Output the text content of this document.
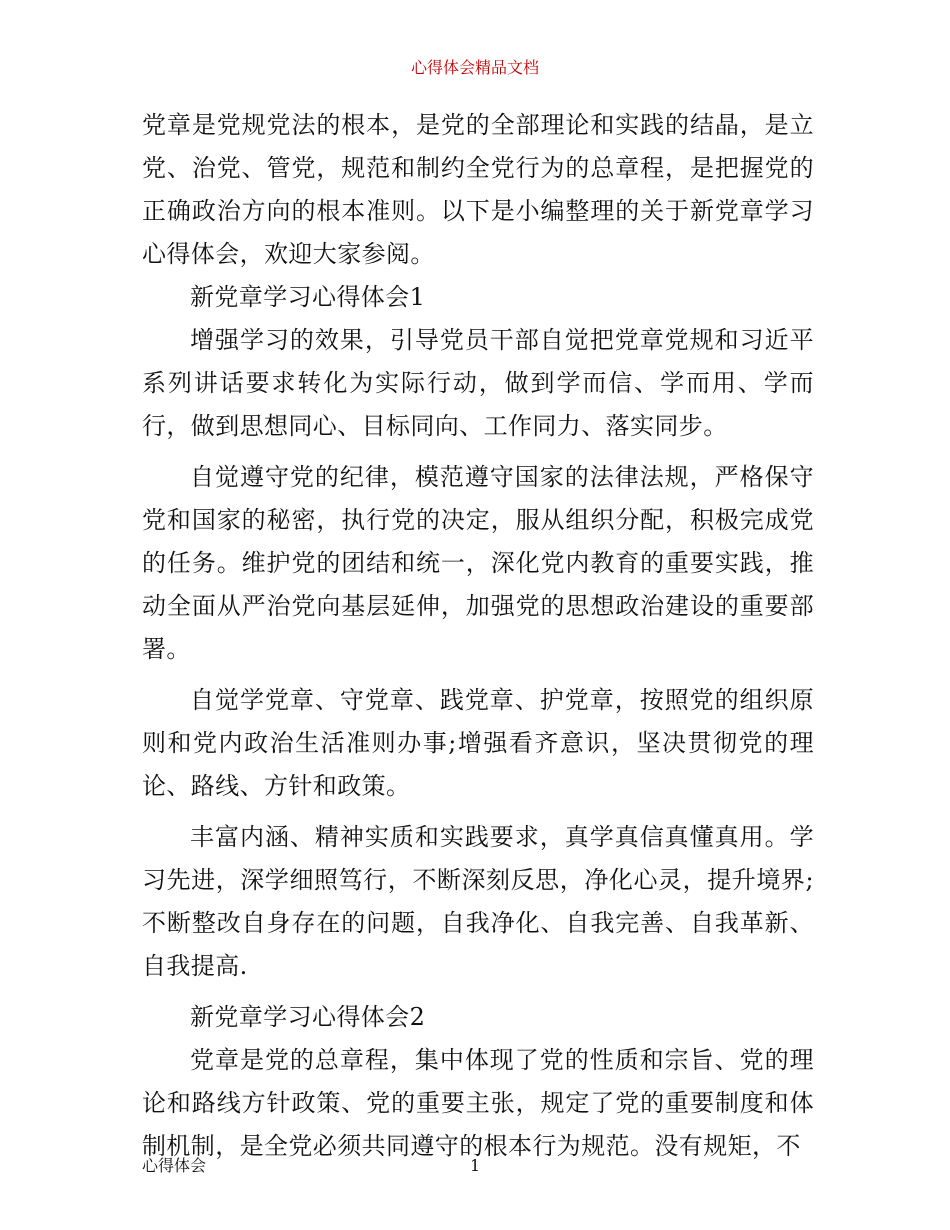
心得体会精品文档

党章是党规党法的根本，是党的全部理论和实践的结晶，是立党、治党、管党，规范和制约全党行为的总章程，是把握党的正确政治方向的根本准则。以下是小编整理的关于新党章学习心得体会，欢迎大家参阅。

新党章学习心得体会1

增强学习的效果，引导党员干部自觉把党章党规和习近平系列讲话要求转化为实际行动，做到学而信、学而用、学而行，做到思想同心、目标同向、工作同力、落实同步。

自觉遵守党的纪律，模范遵守国家的法律法规，严格保守党和国家的秘密，执行党的决定，服从组织分配，积极完成党的任务。维护党的团结和统一，深化党内教育的重要实践，推动全面从严治党向基层延伸，加强党的思想政治建设的重要部署。

自觉学党章、守党章、践党章、护党章，按照党的组织原则和党内政治生活准则办事;增强看齐意识，坚决贯彻党的理论、路线、方针和政策。

丰富内涵、精神实质和实践要求，真学真信真懂真用。学习先进，深学细照笃行，不断深刻反思，净化心灵，提升境界;不断整改自身存在的问题，自我净化、自我完善、自我革新、自我提高.

新党章学习心得体会2

党章是党的总章程，集中体现了党的性质和宗旨、党的理论和路线方针政策、党的重要主张，规定了党的重要制度和体制机制，是全党必须共同遵守的根本行为规范。没有规矩，不

心得体会	1
